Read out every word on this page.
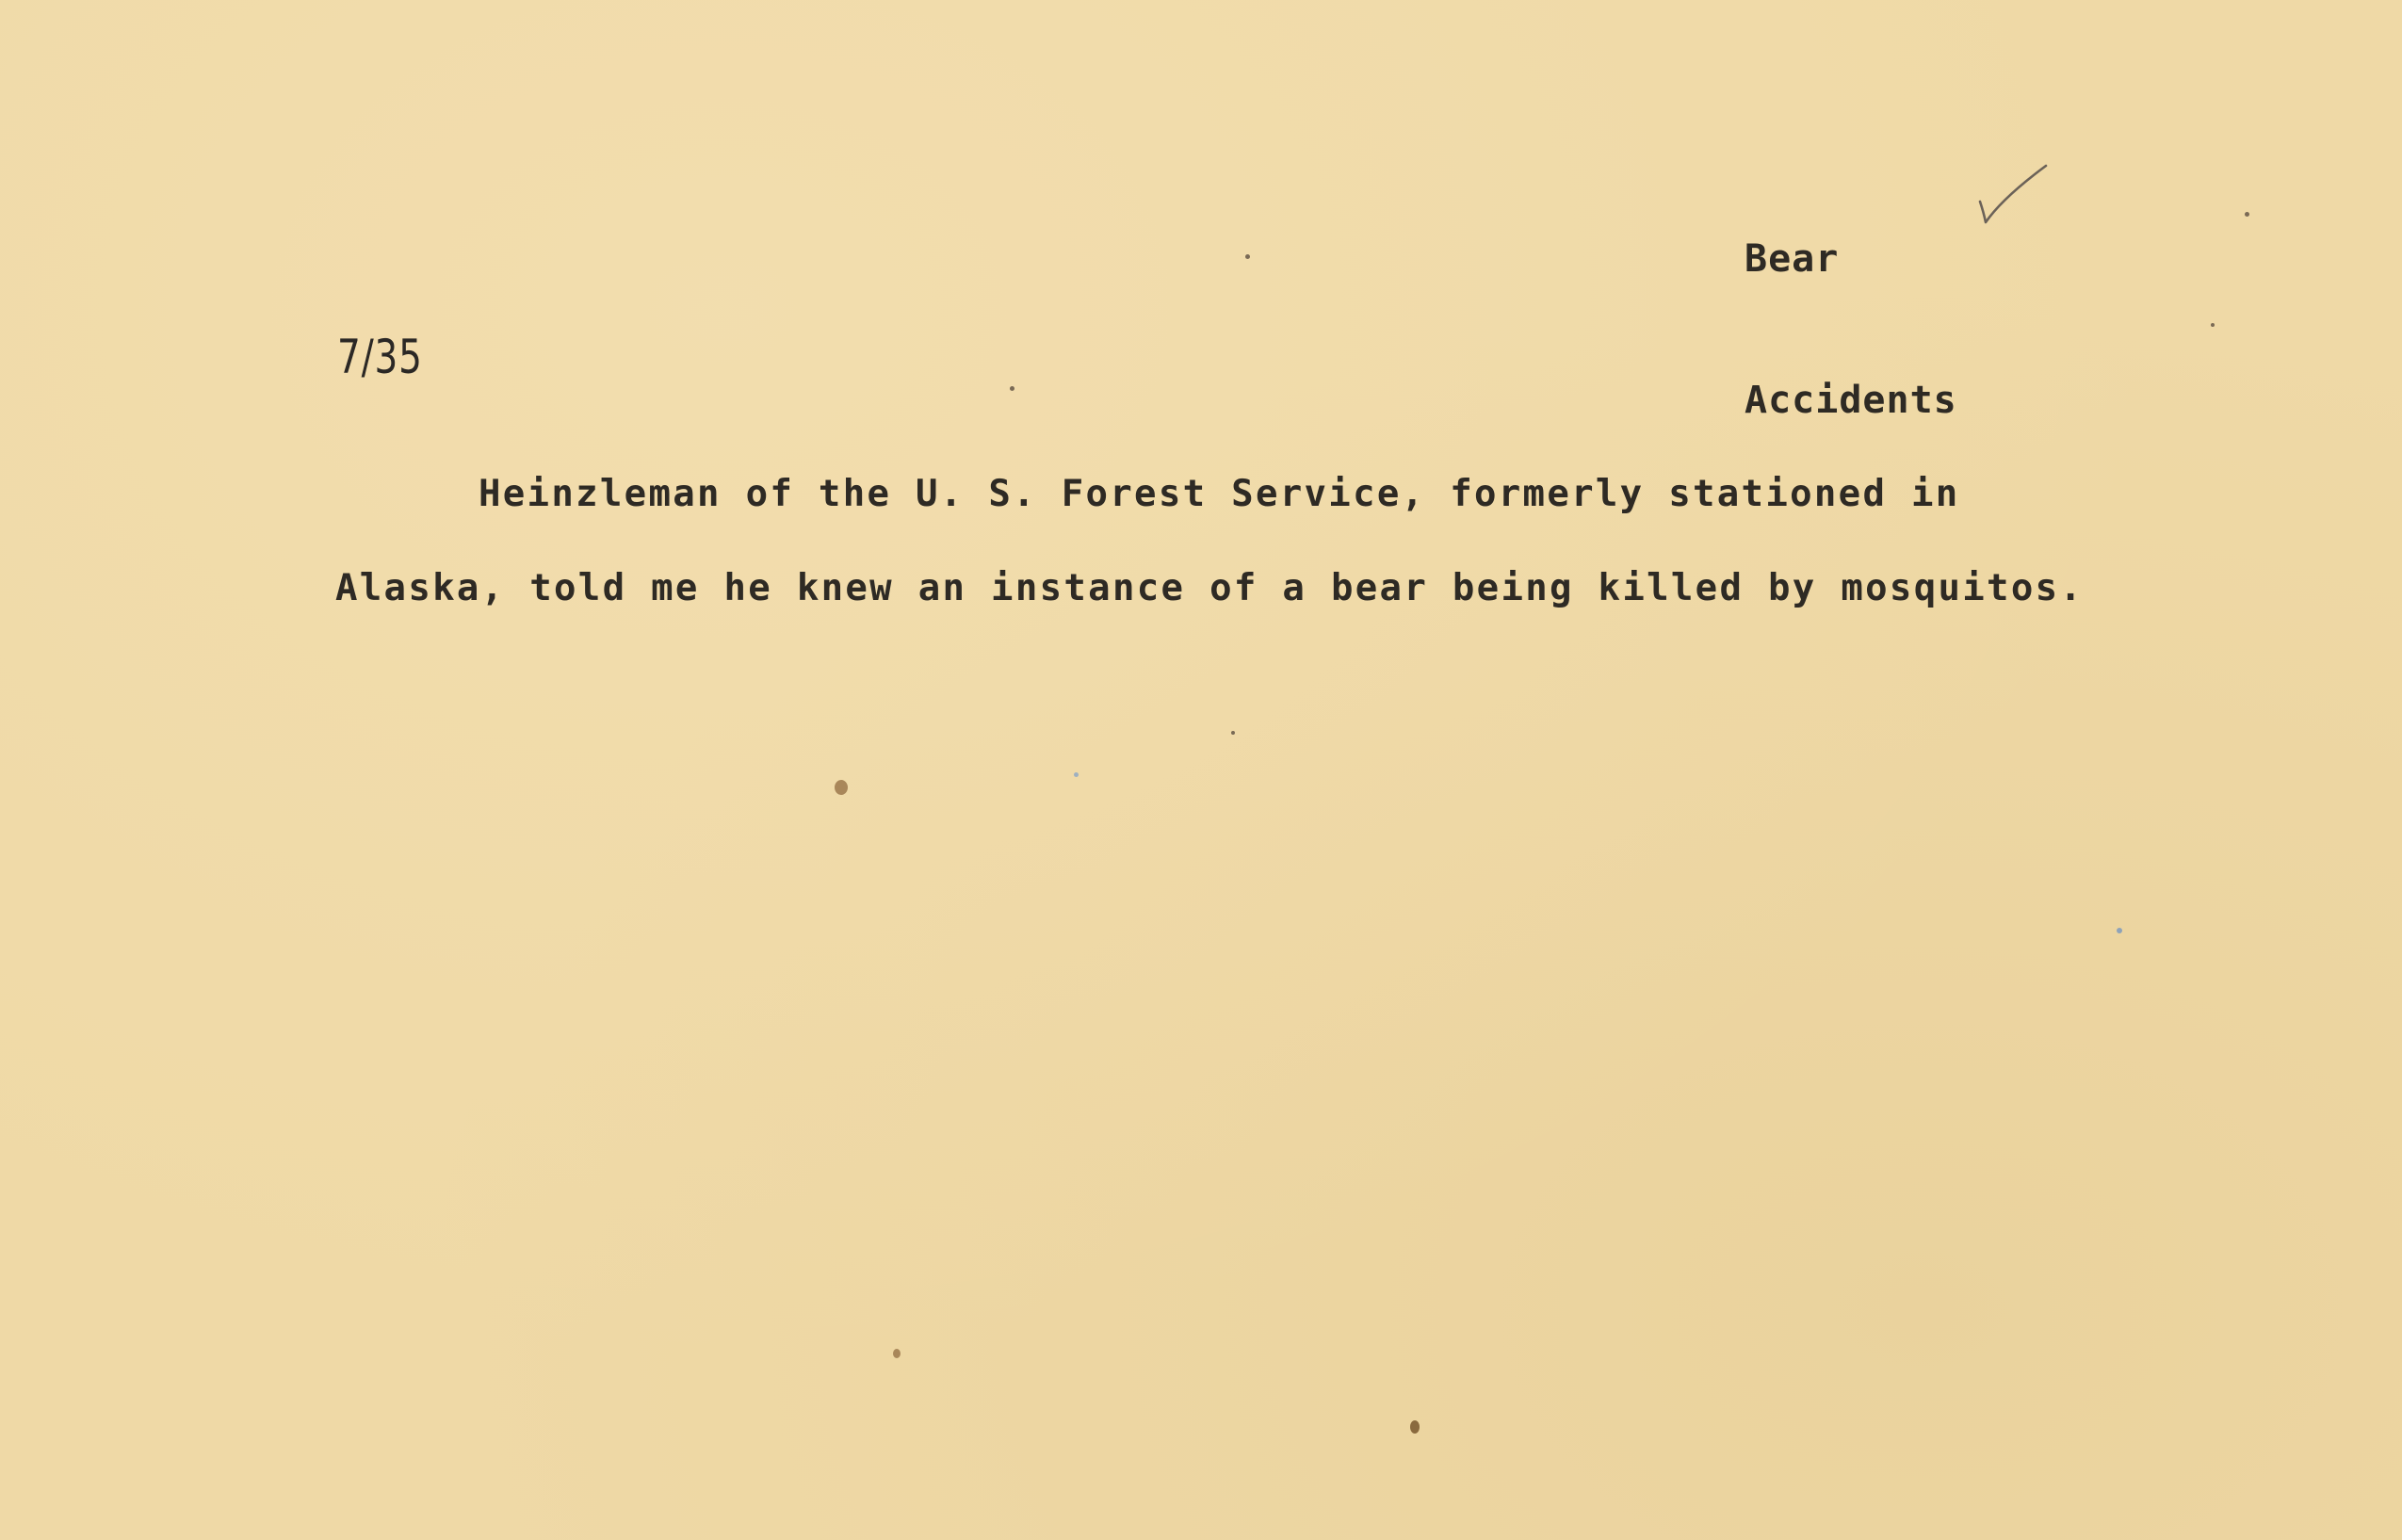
Bear

Accidents

7/35
Heinzleman of the U. S. Forest Service, formerly stationed in
Alaska, told me he knew an instance of a bear being killed by mosquitos.
